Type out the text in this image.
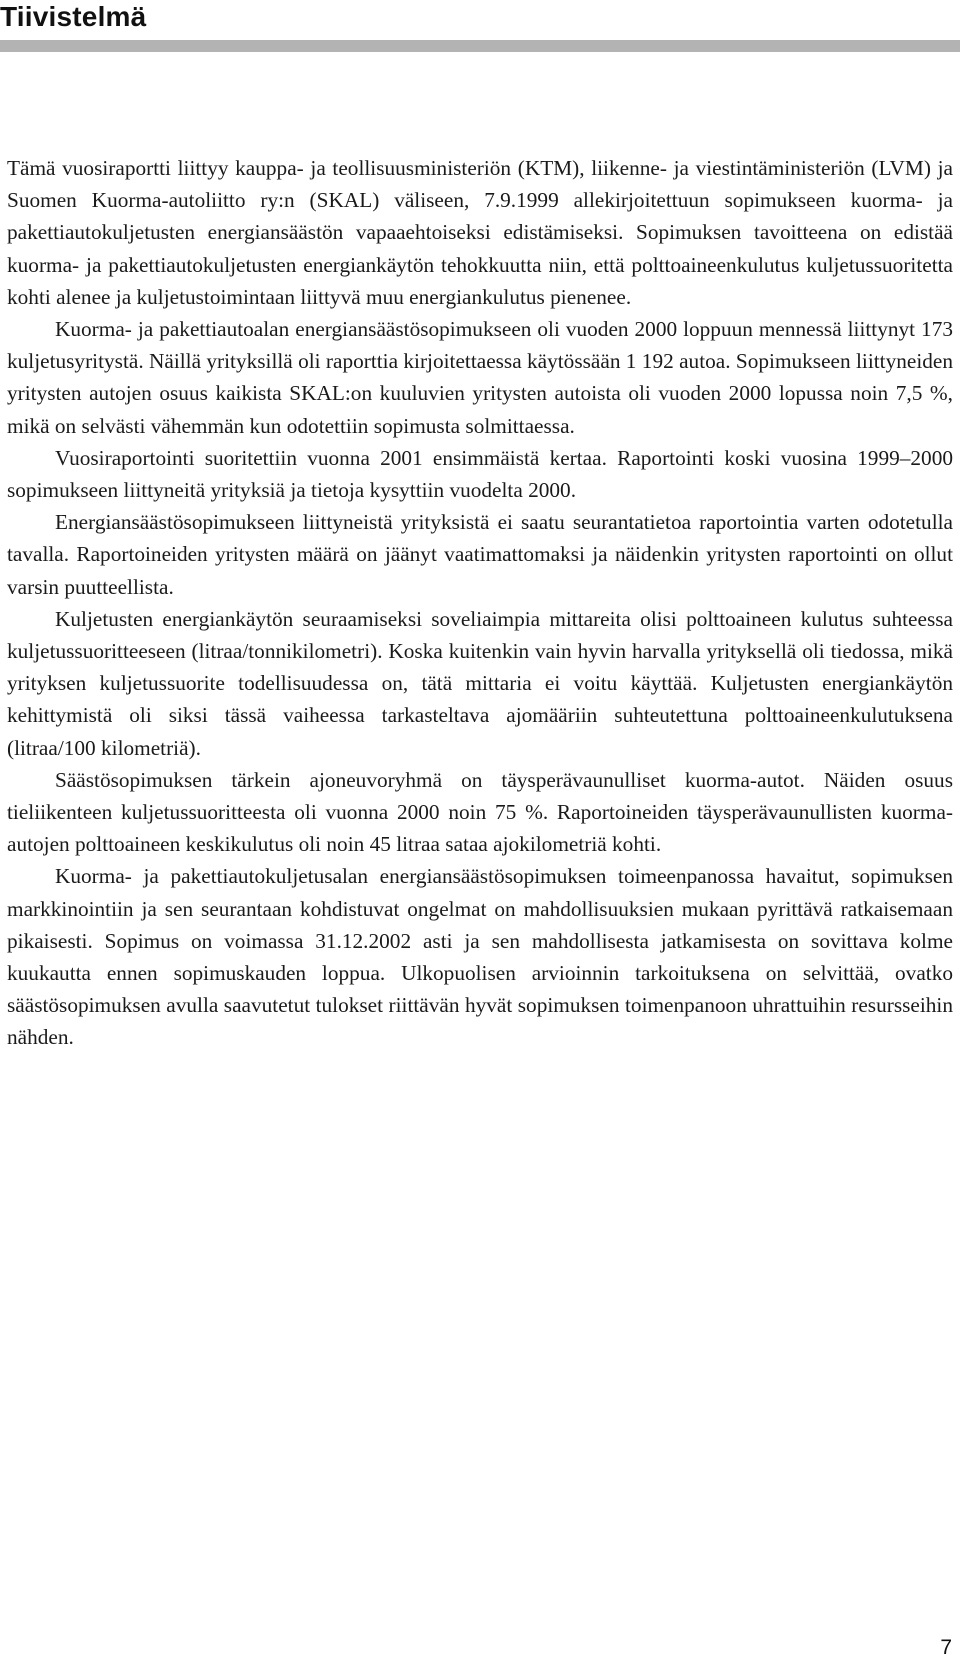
Tiivistelmä

Tämä vuosiraportti liittyy kauppa- ja teollisuusministeriön (KTM), liikenne- ja viestintäministeriön (LVM) ja Suomen Kuorma-autoliitto ry:n (SKAL) väliseen, 7.9.1999 allekirjoitettuun sopimukseen kuorma- ja pakettiautokuljetusten energiansäästön vapaaehtoiseksi edistämiseksi. Sopimuksen tavoitteena on edistää kuorma- ja pakettiautokuljetusten energiankäytön tehokkuutta niin, että polttoaineenkulutus kuljetussuoritetta kohti alenee ja kuljetustoimintaan liittyvä muu energiankulutus pienenee.

Kuorma- ja pakettiautoalan energiansäästösopimukseen oli vuoden 2000 loppuun mennessä liittynyt 173 kuljetusyritystä. Näillä yrityksillä oli raporttia kirjoitettaessa käytössään 1 192 autoa. Sopimukseen liittyneiden yritysten autojen osuus kaikista SKAL:on kuuluvien yritysten autoista oli vuoden 2000 lopussa noin 7,5 %, mikä on selvästi vähemmän kun odotettiin sopimusta solmittaessa.

Vuosiraportointi suoritettiin vuonna 2001 ensimmäistä kertaa. Raportointi koski vuosina 1999–2000 sopimukseen liittyneitä yrityksiä ja tietoja kysyttiin vuodelta 2000.

Energiansäästösopimukseen liittyneistä yrityksistä ei saatu seurantatietoa raportointia varten odotetulla tavalla. Raportoineiden yritysten määrä on jäänyt vaatimattomaksi ja näidenkin yritysten raportointi on ollut varsin puutteellista.

Kuljetusten energiankäytön seuraamiseksi soveliaimpia mittareita olisi polttoaineen kulutus suhteessa kuljetussuoritteeseen (litraa/tonnikilometri). Koska kuitenkin vain hyvin harvalla yrityksellä oli tiedossa, mikä yrityksen kuljetussuorite todellisuudessa on, tätä mittaria ei voitu käyttää. Kuljetusten energiankäytön kehittymistä oli siksi tässä vaiheessa tarkasteltava ajomääriin suhteutettuna polttoaineenkulutuksena (litraa/100 kilometriä).

Säästösopimuksen tärkein ajoneuvoryhmä on täysperävaunulliset kuorma-autot. Näiden osuus tieliikenteen kuljetussuoritteesta oli vuonna 2000 noin 75 %. Raportoineiden täysperävaunullisten kuorma-autojen polttoaineen keskikulutus oli noin 45 litraa sataa ajokilometriä kohti.

Kuorma- ja pakettiautokuljetusalan energiansäästösopimuksen toimeenpanossa havaitut, sopimuksen markkinointiin ja sen seurantaan kohdistuvat ongelmat on mahdollisuuksien mukaan pyrittävä ratkaisemaan pikaisesti. Sopimus on voimassa 31.12.2002 asti ja sen mahdollisesta jatkamisesta on sovittava kolme kuukautta ennen sopimuskauden loppua. Ulkopuolisen arvioinnin tarkoituksena on selvittää, ovatko säästösopimuksen avulla saavutetut tulokset riittävän hyvät sopimuksen toimenpanoon uhrattuihin resursseihin nähden.

7
